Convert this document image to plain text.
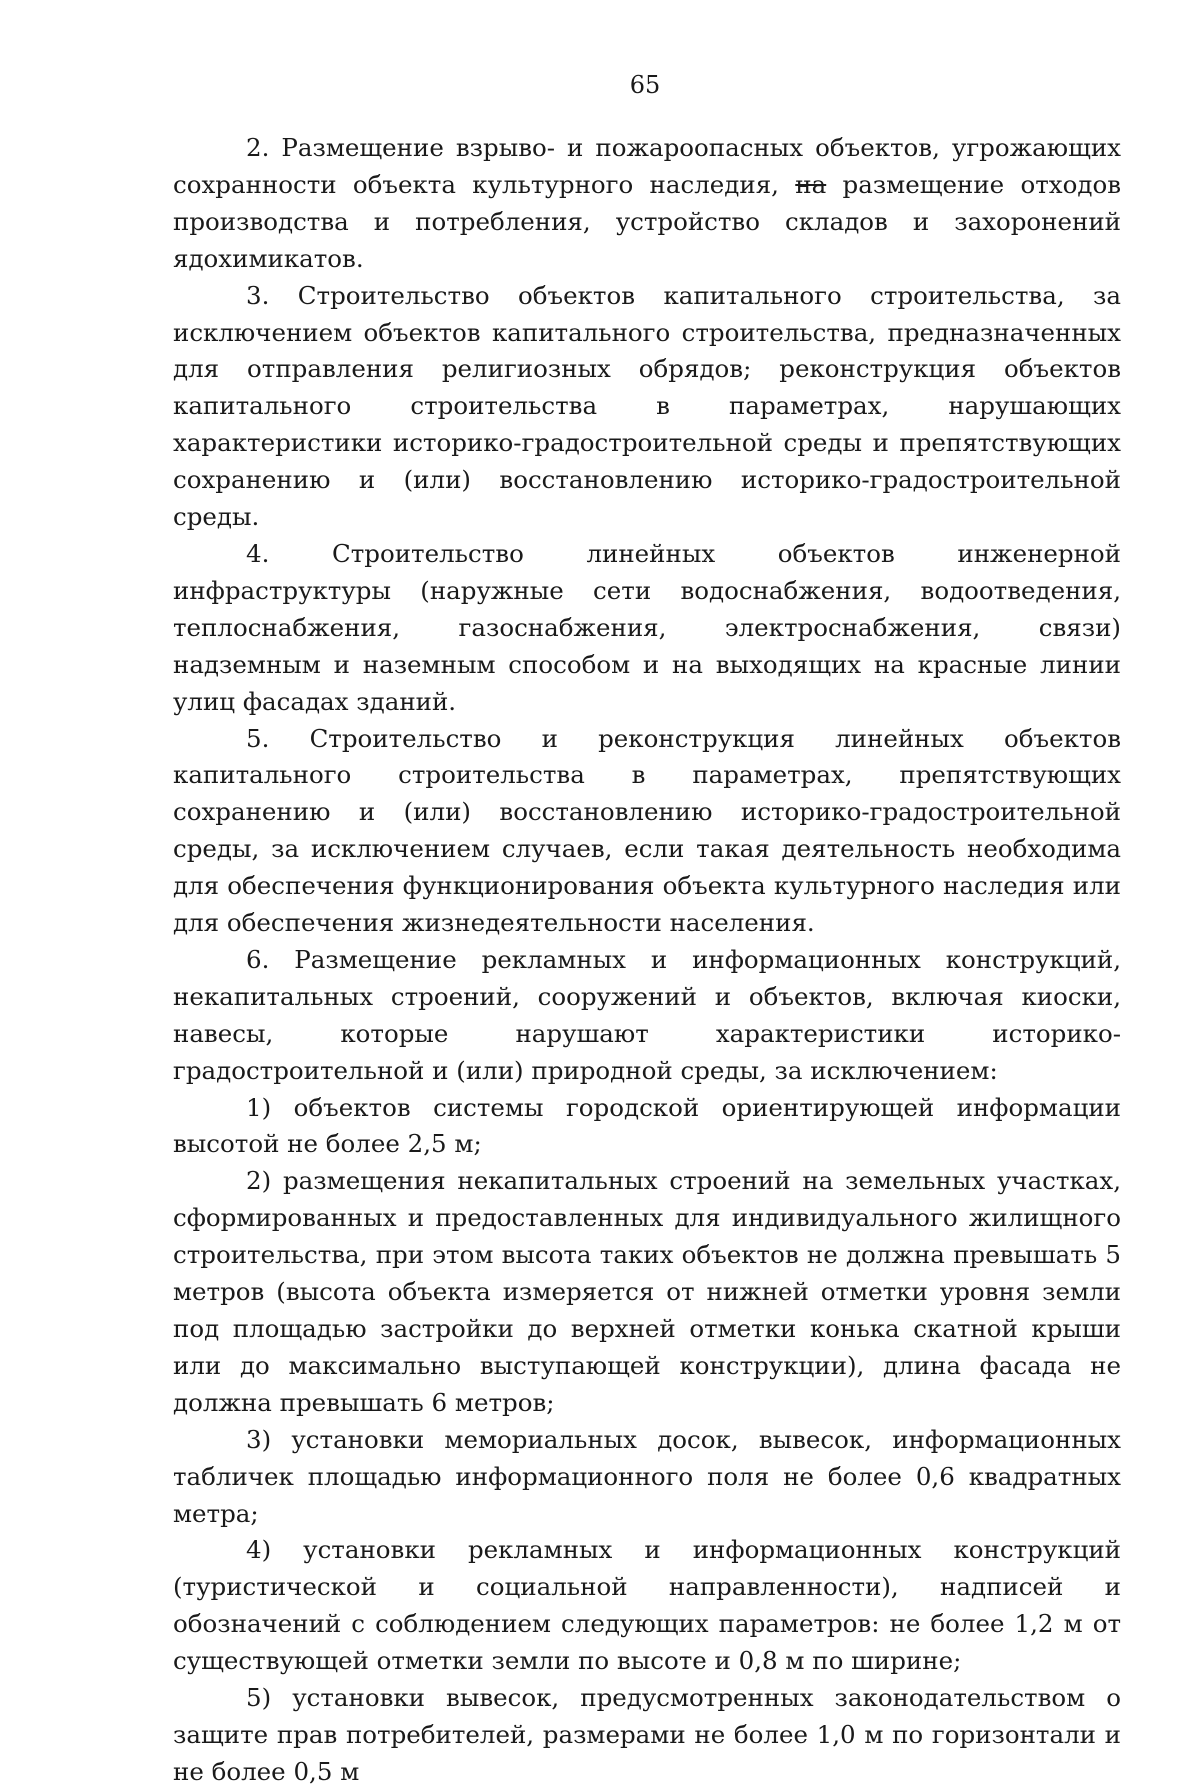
65

2. Размещение взрыво- и пожароопасных объектов, угрожающих сохранности объекта культурного наследия, на размещение отходов производства и потребления, устройство складов и захоронений ядохимикатов.

3. Строительство объектов капитального строительства, за исключением объектов капитального строительства, предназначенных для отправления религиозных обрядов; реконструкция объектов капитального строительства в параметрах, нарушающих характеристики историко-градостроительной среды и препятствующих сохранению и (или) восстановлению историко-градостроительной среды.

4. Строительство линейных объектов инженерной инфраструктуры (наружные сети водоснабжения, водоотведения, теплоснабжения, газоснабжения, электроснабжения, связи) надземным и наземным способом и на выходящих на красные линии улиц фасадах зданий.

5. Строительство и реконструкция линейных объектов капитального строительства в параметрах, препятствующих сохранению и (или) восстановлению историко-градостроительной среды, за исключением случаев, если такая деятельность необходима для обеспечения функционирования объекта культурного наследия или для обеспечения жизнедеятельности населения.

6. Размещение рекламных и информационных конструкций, некапитальных строений, сооружений и объектов, включая киоски, навесы, которые нарушают характеристики историко-градостроительной и (или) природной среды, за исключением:

1) объектов системы городской ориентирующей информации высотой не более 2,5 м;

2) размещения некапитальных строений на земельных участках, сформированных и предоставленных для индивидуального жилищного строительства, при этом высота таких объектов не должна превышать 5 метров (высота объекта измеряется от нижней отметки уровня земли под площадью застройки до верхней отметки конька скатной крыши или до максимально выступающей конструкции), длина фасада не должна превышать 6 метров;

3) установки мемориальных досок, вывесок, информационных табличек площадью информационного поля не более 0,6 квадратных метра;

4) установки рекламных и информационных конструкций (туристической и социальной направленности), надписей и обозначений с соблюдением следующих параметров: не более 1,2 м от существующей отметки земли по высоте и 0,8 м по ширине;

5) установки вывесок, предусмотренных законодательством о защите прав потребителей, размерами не более 1,0 м по горизонтали и не более 0,5 м
